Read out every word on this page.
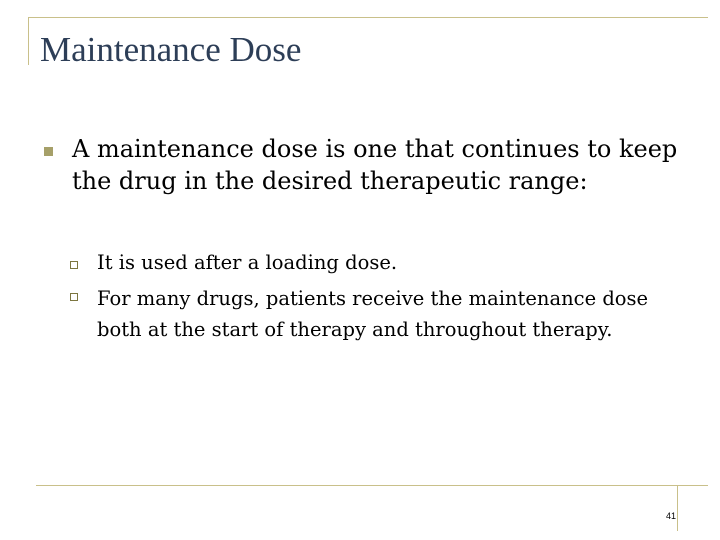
Maintenance Dose
A maintenance dose is one that continues to keep the drug in the desired therapeutic range:
It is used after a loading dose.
For many drugs, patients receive the maintenance dose both at the start of therapy and throughout therapy.
41
